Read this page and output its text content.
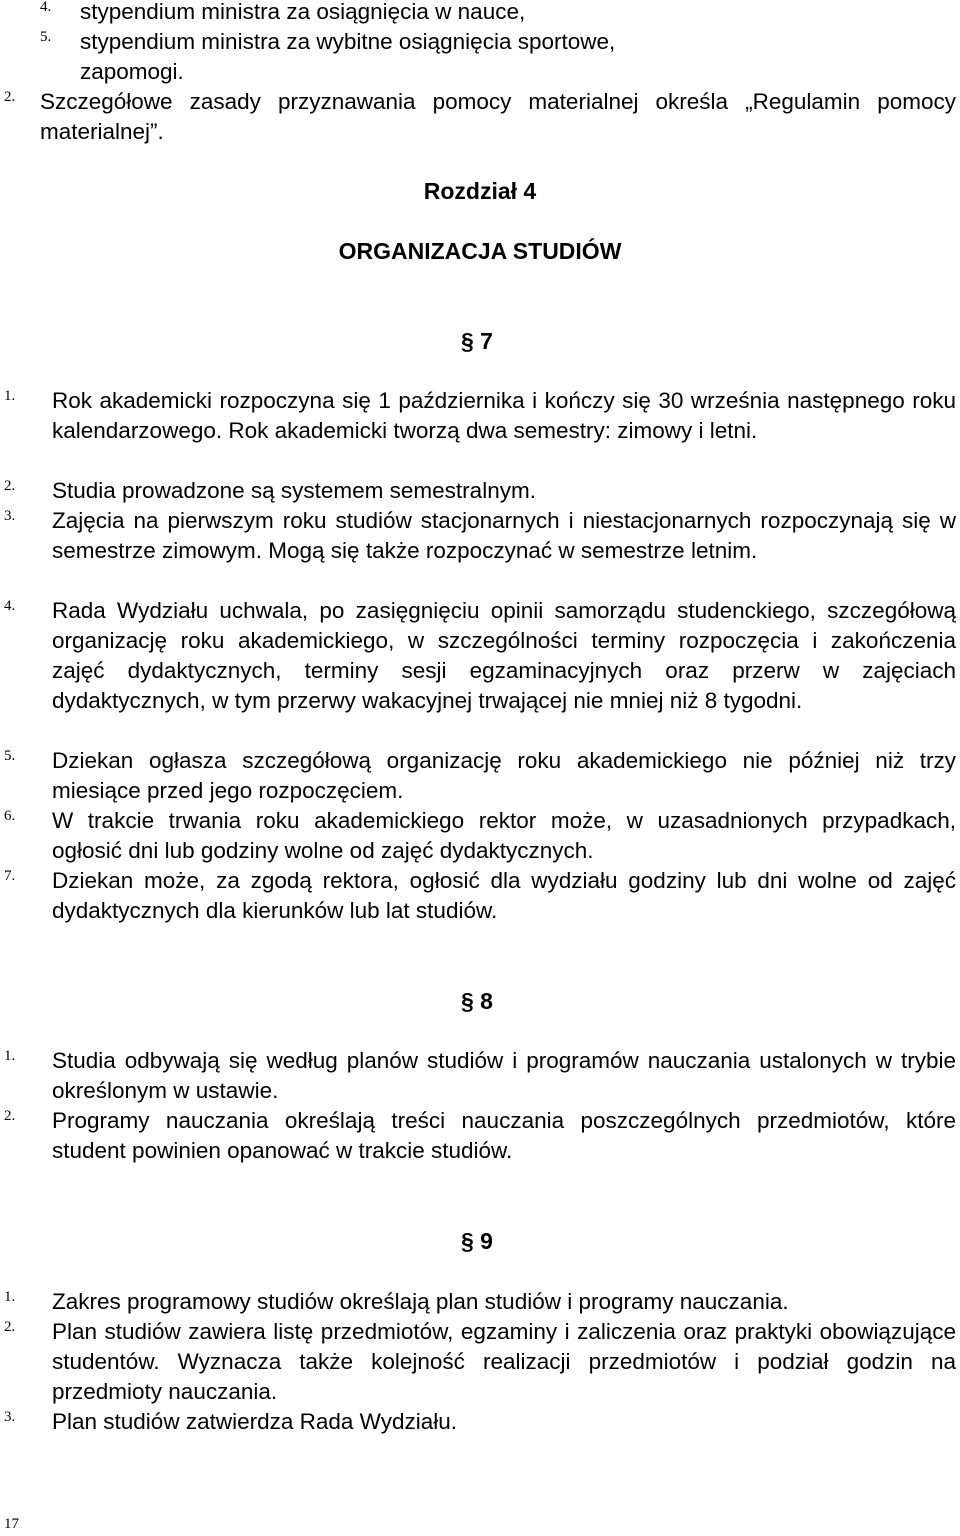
4. stypendium ministra za osiągnięcia w nauce,
5. stypendium ministra za wybitne osiągnięcia sportowe,
zapomogi.
2. Szczegółowe zasady przyznawania pomocy materialnej określa „Regulamin pomocy materialnej”.
Rozdział 4
ORGANIZACJA STUDIÓW
§ 7
1. Rok akademicki rozpoczyna się 1 października i kończy się 30 września następnego roku kalendarzowego. Rok akademicki tworzą dwa semestry: zimowy i letni.
2. Studia prowadzone są systemem semestralnym.
3. Zajęcia na pierwszym roku studiów stacjonarnych i niestacjonarnych rozpoczynają się w semestrze zimowym. Mogą się także rozpoczynać w semestrze letnim.
4. Rada Wydziału uchwala, po zasięgnięciu opinii samorządu studenckiego, szczegółową organizację roku akademickiego, w szczególności terminy rozpoczęcia i zakończenia zajęć dydaktycznych, terminy sesji egzaminacyjnych oraz przerw w zajęciach dydaktycznych, w tym przerwy wakacyjnej trwającej nie mniej niż 8 tygodni.
5. Dziekan ogłasza szczegółową organizację roku akademickiego nie później niż trzy miesiące przed jego rozpoczęciem.
6. W trakcie trwania roku akademickiego rektor może, w uzasadnionych przypadkach, ogłosić dni lub godziny wolne od zajęć dydaktycznych.
7. Dziekan może, za zgodą rektora, ogłosić dla wydziału godziny lub dni wolne od zajęć dydaktycznych dla kierunków lub lat studiów.
§ 8
1. Studia odbywają się według planów studiów i programów nauczania ustalonych w trybie określonym w ustawie.
2. Programy nauczania określają treści nauczania poszczególnych przedmiotów, które student powinien opanować w trakcie studiów.
§ 9
1. Zakres programowy studiów określają plan studiów i programy nauczania.
2. Plan studiów zawiera listę przedmiotów, egzaminy i zaliczenia oraz praktyki obowiązujące studentów. Wyznacza także kolejność realizacji przedmiotów i podział godzin na przedmioty nauczania.
3. Plan studiów zatwierdza Rada Wydziału.
17
